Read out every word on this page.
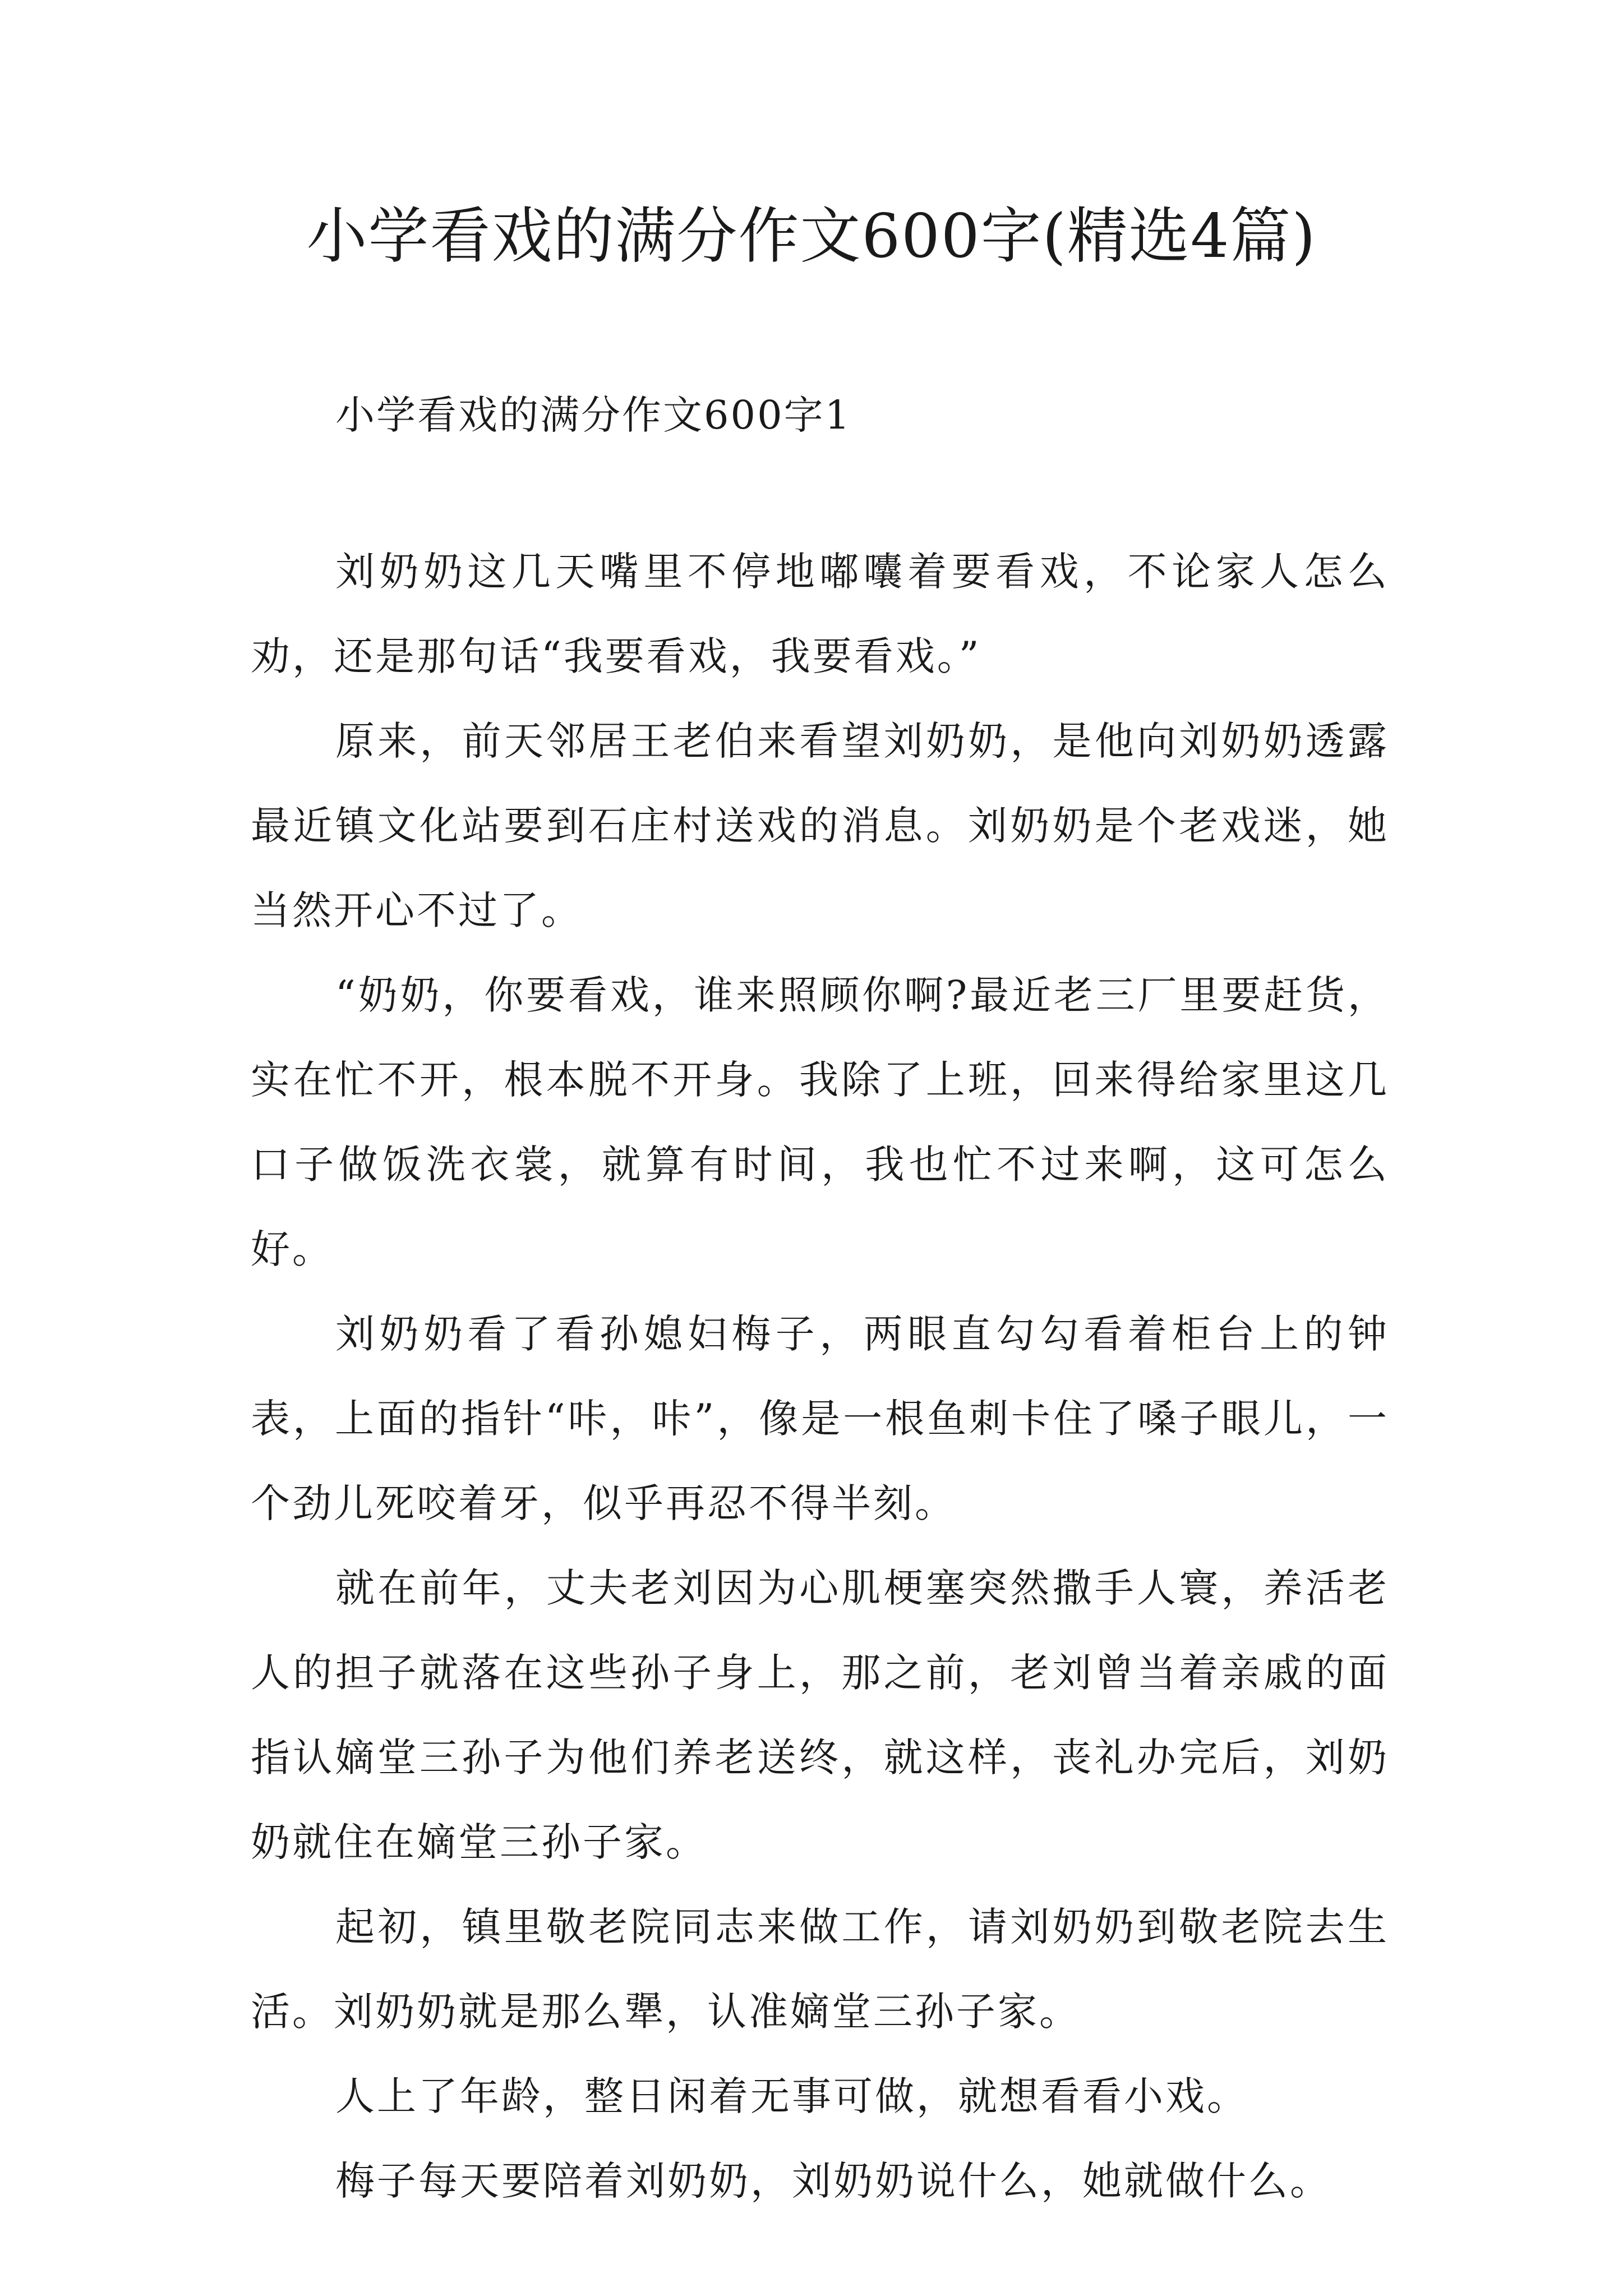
小学看戏的满分作文600字(精选4篇)
小学看戏的满分作文600字1

刘奶奶这几天嘴里不停地嘟囔着要看戏，不论家人怎么劝，还是那句话“我要看戏，我要看戏。”

原来，前天邻居王老伯来看望刘奶奶，是他向刘奶奶透露最近镇文化站要到石庄村送戏的消息。刘奶奶是个老戏迷，她当然开心不过了。

“奶奶，你要看戏，谁来照顾你啊?最近老三厂里要赶货，实在忙不开，根本脱不开身。我除了上班，回来得给家里这几口子做饭洗衣裳，就算有时间，我也忙不过来啊，这可怎么好。

刘奶奶看了看孙媳妇梅子，两眼直勾勾看着柜台上的钟表，上面的指针“咔，咔”，像是一根鱼刺卡住了嗓子眼儿，一个劲儿死咬着牙，似乎再忍不得半刻。

就在前年，丈夫老刘因为心肌梗塞突然撒手人寰，养活老人的担子就落在这些孙子身上，那之前，老刘曾当着亲戚的面指认嫡堂三孙子为他们养老送终，就这样，丧礼办完后，刘奶奶就住在嫡堂三孙子家。

起初，镇里敬老院同志来做工作，请刘奶奶到敬老院去生活。刘奶奶就是那么犟，认准嫡堂三孙子家。

人上了年龄，整日闲着无事可做，就想看看小戏。

梅子每天要陪着刘奶奶，刘奶奶说什么，她就做什么。
